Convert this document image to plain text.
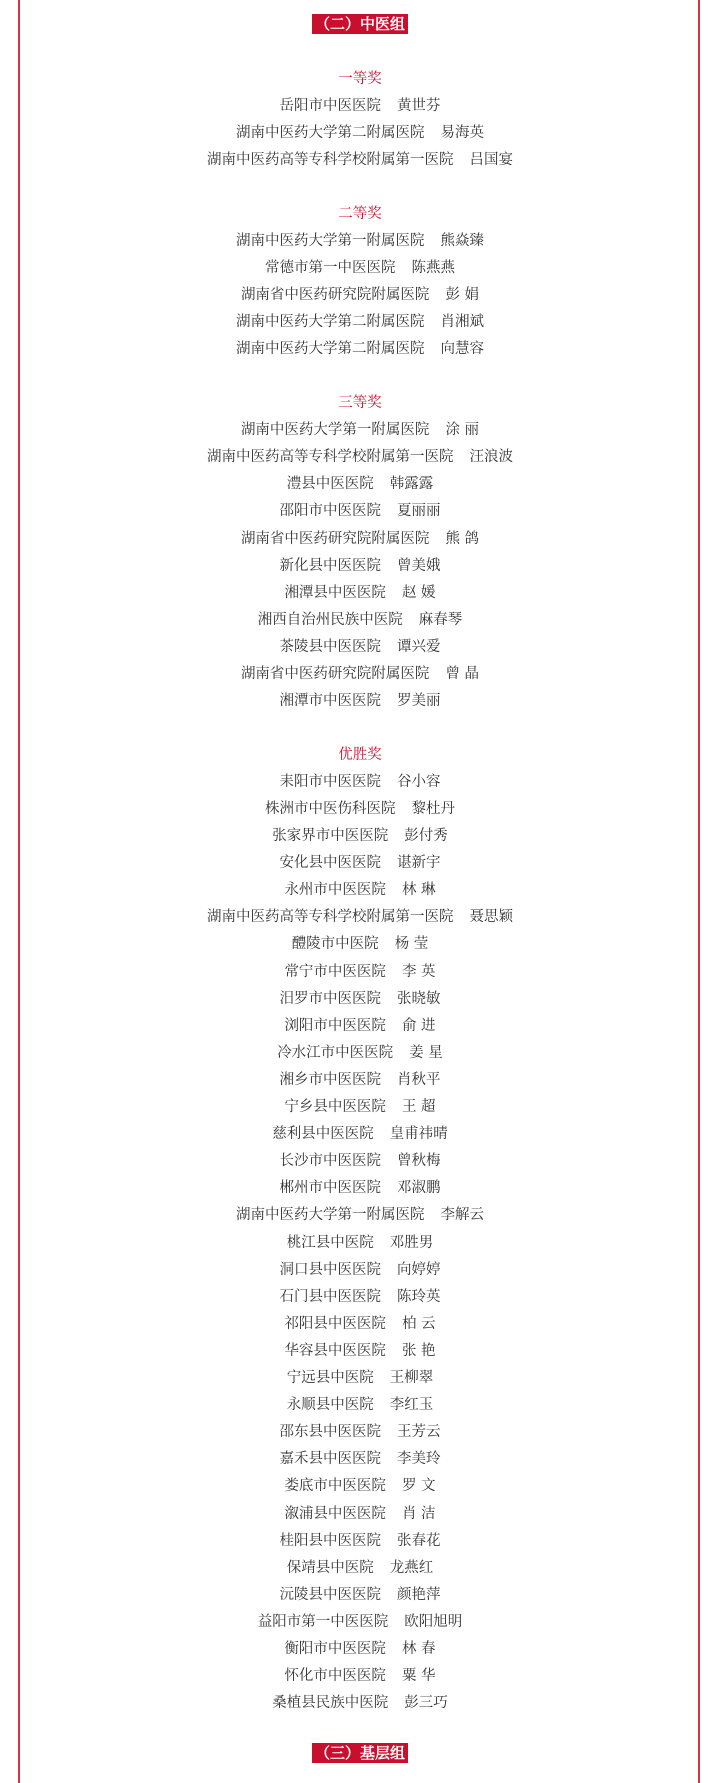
（二）中医组
一等奖
岳阳市中医医院 黄世芬
湖南中医药大学第二附属医院 易海英
湖南中医药高等专科学校附属第一医院 吕国宴
二等奖
湖南中医药大学第一附属医院 熊焱臻
常德市第一中医医院 陈燕燕
湖南省中医药研究院附属医院 彭 娟
湖南中医药大学第二附属医院 肖湘斌
湖南中医药大学第二附属医院 向慧容
三等奖
湖南中医药大学第一附属医院 涂 丽
湖南中医药高等专科学校附属第一医院 汪浪波
澧县中医医院 韩露露
邵阳市中医医院 夏丽丽
湖南省中医药研究院附属医院 熊 鸽
新化县中医医院 曾美娥
湘潭县中医医院 赵 媛
湘西自治州民族中医院 麻春琴
茶陵县中医医院 谭兴爱
湖南省中医药研究院附属医院 曾 晶
湘潭市中医医院 罗美丽
优胜奖
耒阳市中医医院 谷小容
株洲市中医伤科医院 黎杜丹
张家界市中医医院 彭付秀
安化县中医医院 谌新宇
永州市中医医院 林 琳
湖南中医药高等专科学校附属第一医院 聂思颖
醴陵市中医院 杨 莹
常宁市中医医院 李 英
汨罗市中医医院 张晓敏
浏阳市中医医院 俞 进
冷水江市中医医院 姜 星
湘乡市中医医院 肖秋平
宁乡县中医医院 王 超
慈利县中医医院 皇甫祎晴
长沙市中医医院 曾秋梅
郴州市中医医院 邓淑鹏
湖南中医药大学第一附属医院 李解云
桃江县中医院 邓胜男
洞口县中医医院 向婷婷
石门县中医医院 陈玲英
祁阳县中医医院 柏 云
华容县中医医院 张 艳
宁远县中医院 王柳翠
永顺县中医院 李红玉
邵东县中医医院 王芳云
嘉禾县中医医院 李美玲
娄底市中医医院 罗 文
溆浦县中医医院 肖 洁
桂阳县中医医院 张春花
保靖县中医院 龙燕红
沅陵县中医医院 颜艳萍
益阳市第一中医医院 欧阳旭明
衡阳市中医医院 林 春
怀化市中医医院 粟 华
桑植县民族中医院 彭三巧
（三）基层组
